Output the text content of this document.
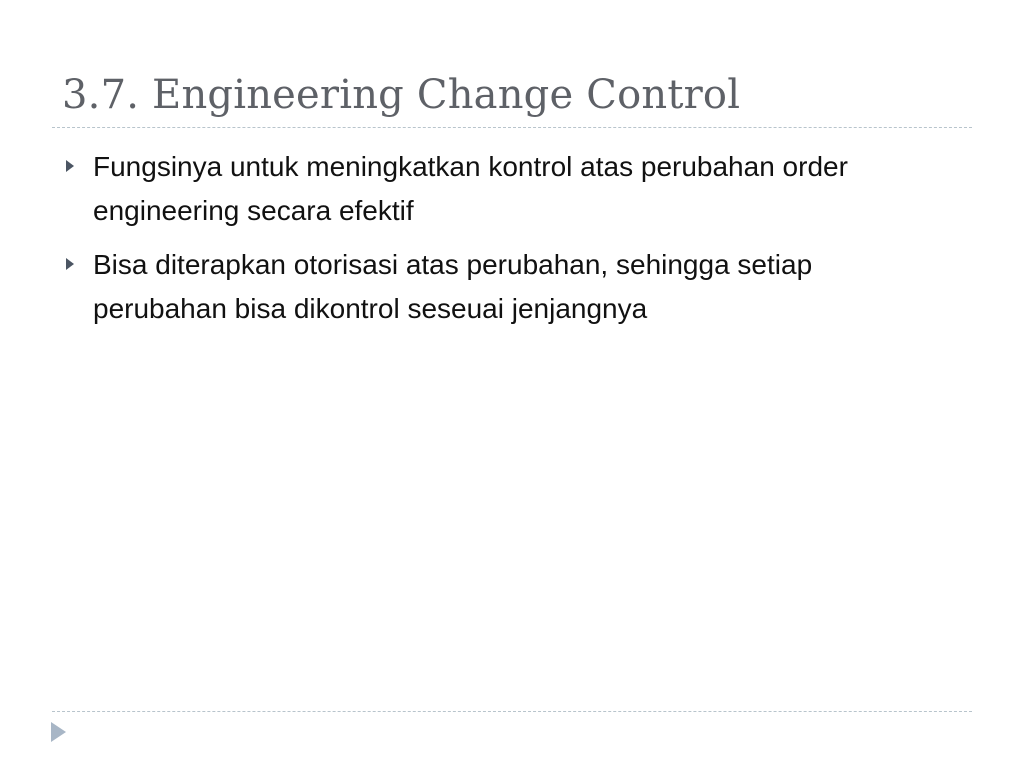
3.7. Engineering Change Control
Fungsinya untuk meningkatkan kontrol atas perubahan order engineering secara efektif
Bisa diterapkan otorisasi atas perubahan, sehingga setiap perubahan bisa dikontrol seseuai jenjangnya
